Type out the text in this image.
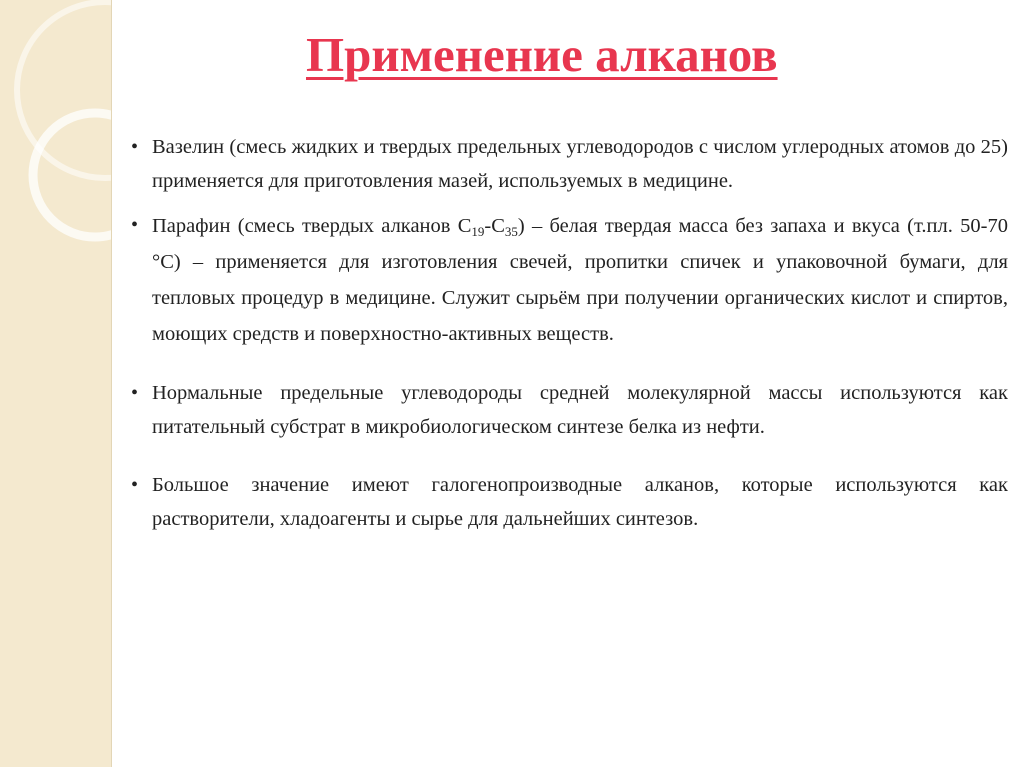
Применение алканов
• Вазелин (смесь жидких и твердых предельных углеводородов с числом углеродных атомов до 25) применяется для приготовления мазей, используемых в медицине.
• Парафин (смесь твердых алканов $C_{19}-C_{35}$) – белая твердая масса без запаха и вкуса (т.пл. 50-70 °C) – применяется для изготовления свечей, пропитки спичек и упаковочной бумаги, для тепловых процедур в медицине. Служит сырьём при получении органических кислот и спиртов, моющих средств и поверхностно-активных веществ.
• Нормальные предельные углеводороды средней молекулярной массы используются как питательный субстрат в микробиологическом синтезе белка из нефти.
• Большое значение имеют галогенопроизводные алканов, которые используются как растворители, хладоагенты и сырье для дальнейших синтезов.
